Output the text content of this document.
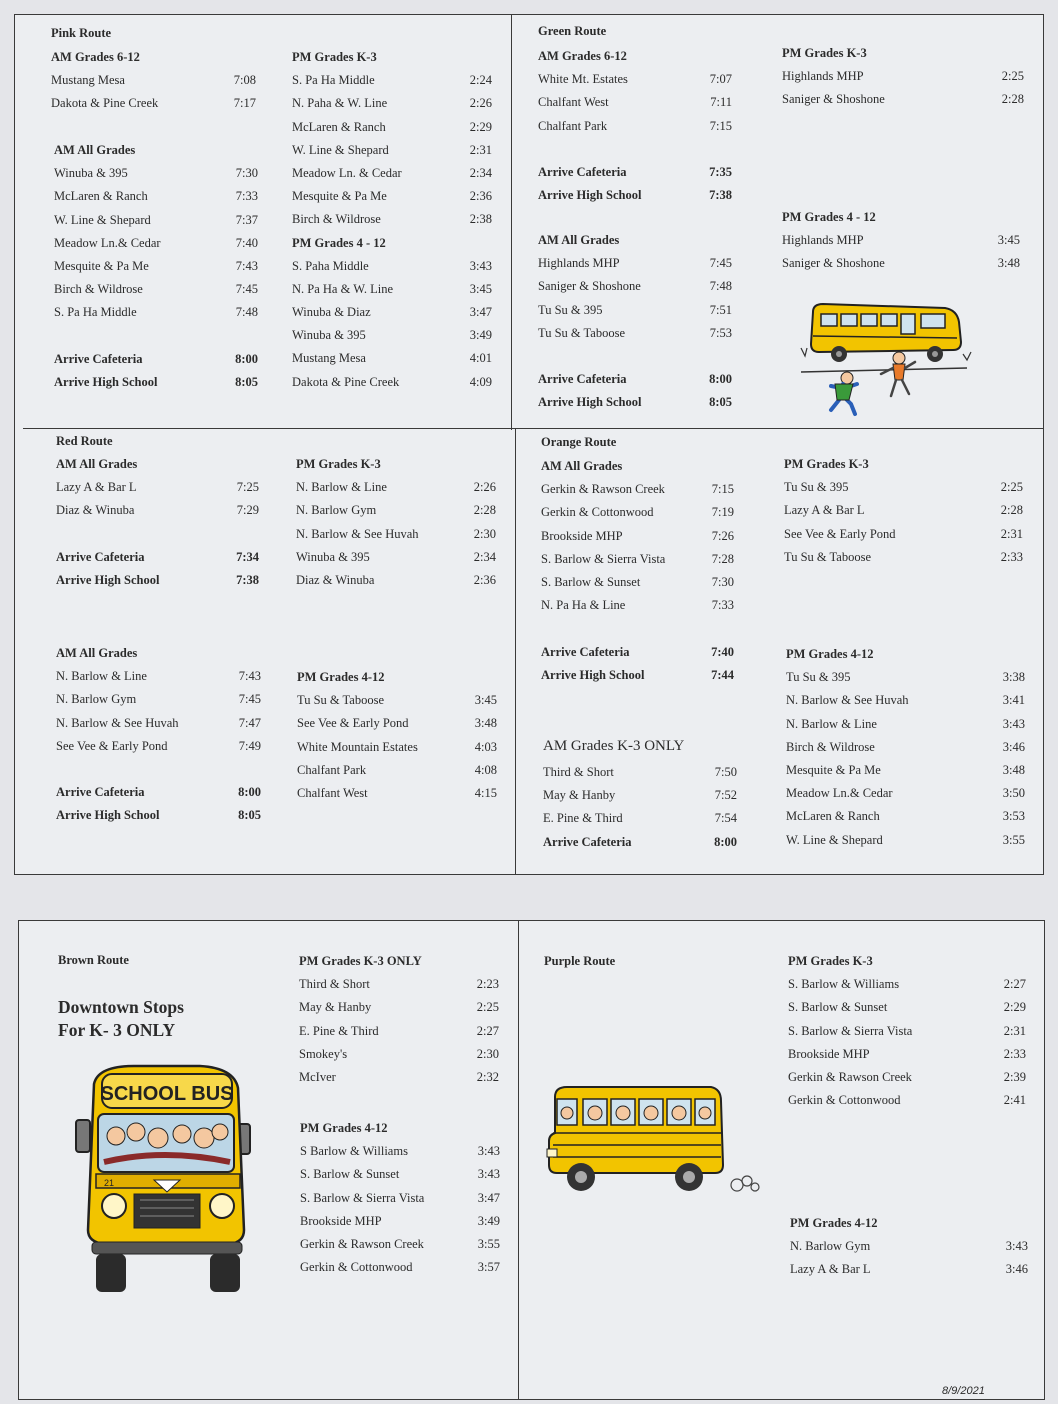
Pink Route
AM Grades 6-12
Mustang Mesa	7:08
Dakota & Pine Creek	7:17
AM All Grades
Winuba & 395	7:30
McLaren & Ranch	7:33
W. Line & Shepard	7:37
Meadow Ln.& Cedar	7:40
Mesquite & Pa Me	7:43
Birch & Wildrose	7:45
S. Pa Ha Middle	7:48
Arrive Cafeteria	8:00
Arrive High School	8:05
PM Grades K-3
S. Pa Ha Middle	2:24
N. Paha & W. Line	2:26
McLaren & Ranch	2:29
W. Line & Shepard	2:31
Meadow Ln. & Cedar	2:34
Mesquite & Pa Me	2:36
Birch & Wildrose	2:38
PM Grades 4 - 12
S. Paha Middle	3:43
N. Pa Ha & W. Line	3:45
Winuba & Diaz	3:47
Winuba & 395	3:49
Mustang Mesa	4:01
Dakota & Pine Creek	4:09
Green Route
AM Grades 6-12
White Mt. Estates	7:07
Chalfant West	7:11
Chalfant Park	7:15
Arrive Cafeteria	7:35
Arrive High School	7:38
AM All Grades
Highlands MHP	7:45
Saniger & Shoshone	7:48
Tu Su & 395	7:51
Tu Su & Taboose	7:53
Arrive Cafeteria	8:00
Arrive High School	8:05
PM Grades K-3
Highlands MHP	2:25
Saniger & Shoshone	2:28
PM Grades 4 - 12
Highlands MHP	3:45
Saniger & Shoshone	3:48
Red Route
AM All Grades
Lazy A & Bar L	7:25
Diaz & Winuba	7:29
Arrive Cafeteria	7:34
Arrive High School	7:38
AM All Grades
N. Barlow & Line	7:43
N. Barlow Gym	7:45
N. Barlow & See Huvah	7:47
See Vee & Early Pond	7:49
Arrive Cafeteria	8:00
Arrive High School	8:05
PM Grades K-3
N. Barlow & Line	2:26
N. Barlow Gym	2:28
N. Barlow & See Huvah	2:30
Winuba & 395	2:34
Diaz & Winuba	2:36
PM Grades 4-12
Tu Su & Taboose	3:45
See Vee & Early Pond	3:48
White Mountain Estates	4:03
Chalfant Park	4:08
Chalfant West	4:15
Orange Route
AM All Grades
Gerkin & Rawson Creek	7:15
Gerkin & Cottonwood	7:19
Brookside MHP	7:26
S. Barlow & Sierra Vista	7:28
S. Barlow & Sunset	7:30
N. Pa Ha & Line	7:33
Arrive Cafeteria	7:40
Arrive High School	7:44
AM Grades K-3 ONLY
Third & Short	7:50
May & Hanby	7:52
E. Pine & Third	7:54
Arrive Cafeteria	8:00
PM Grades K-3
Tu Su & 395	2:25
Lazy A & Bar L	2:28
See Vee & Early Pond	2:31
Tu Su & Taboose	2:33
PM Grades 4-12
Tu Su & 395	3:38
N. Barlow & See Huvah	3:41
N. Barlow & Line	3:43
Birch & Wildrose	3:46
Mesquite & Pa Me	3:48
Meadow Ln.& Cedar	3:50
McLaren & Ranch	3:53
W. Line & Shepard	3:55
Brown Route
Downtown Stops
For K- 3 ONLY
SCHOOL BUS
21
PM Grades K-3 ONLY
Third & Short	2:23
May & Hanby	2:25
E. Pine & Third	2:27
Smokey's	2:30
McIver	2:32
PM Grades 4-12
S Barlow & Williams	3:43
S. Barlow & Sunset	3:43
S. Barlow & Sierra Vista	3:47
Brookside MHP	3:49
Gerkin & Rawson Creek	3:55
Gerkin & Cottonwood	3:57
Purple Route	PM Grades K-3
S. Barlow & Williams	2:27
S. Barlow & Sunset	2:29
S. Barlow & Sierra Vista	2:31
Brookside MHP	2:33
Gerkin & Rawson Creek	2:39
Gerkin & Cottonwood	2:41
PM Grades 4-12
N. Barlow Gym	3:43
Lazy A & Bar L	3:46
8/9/2021
